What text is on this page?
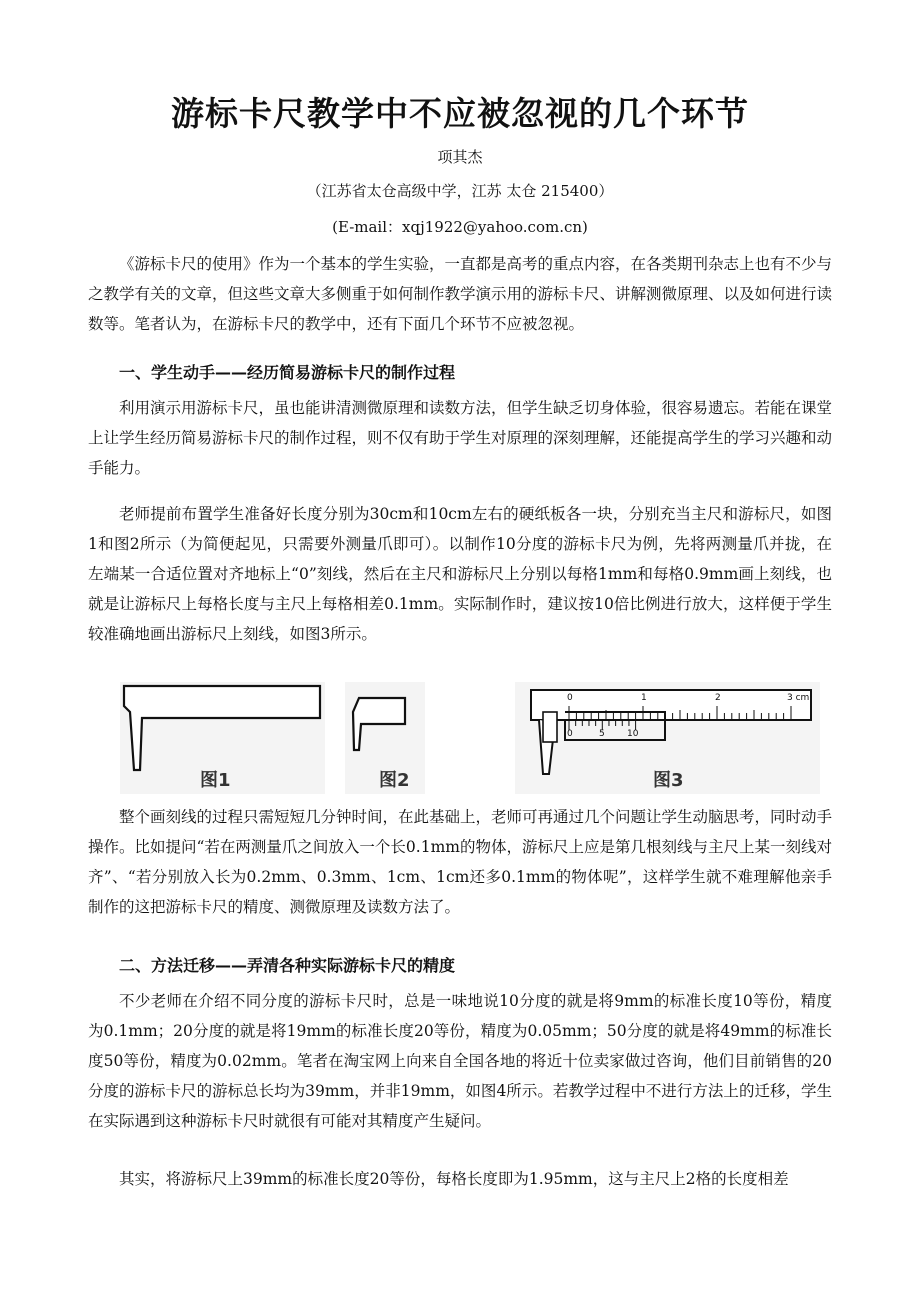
游标卡尺教学中不应被忽视的几个环节
项其杰
（江苏省太仓高级中学，江苏 太仓 215400）
(E-mail：xqj1922@yahoo.com.cn)

《游标卡尺的使用》作为一个基本的学生实验，一直都是高考的重点内容，在各类期刊杂志上也有不少与之教学有关的文章，但这些文章大多侧重于如何制作教学演示用的游标卡尺、讲解测微原理、以及如何进行读数等。笔者认为，在游标卡尺的教学中，还有下面几个环节不应被忽视。

一、学生动手——经历简易游标卡尺的制作过程

利用演示用游标卡尺，虽也能讲清测微原理和读数方法，但学生缺乏切身体验，很容易遗忘。若能在课堂上让学生经历简易游标卡尺的制作过程，则不仅有助于学生对原理的深刻理解，还能提高学生的学习兴趣和动手能力。

老师提前布置学生准备好长度分别为30cm和10cm左右的硬纸板各一块，分别充当主尺和游标尺，如图1和图2所示（为简便起见，只需要外测量爪即可）。以制作10分度的游标卡尺为例，先将两测量爪并拢，在左端某一合适位置对齐地标上“0”刻线，然后在主尺和游标尺上分别以每格1mm和每格0.9mm画上刻线，也就是让游标尺上每格长度与主尺上每格相差0.1mm。实际制作时，建议按10倍比例进行放大，这样便于学生较准确地画出游标尺上刻线，如图3所示。

图1	图2
0	1	2	3 cm
0	5 10
图3

整个画刻线的过程只需短短几分钟时间，在此基础上，老师可再通过几个问题让学生动脑思考，同时动手操作。比如提问“若在两测量爪之间放入一个长0.1mm的物体，游标尺上应是第几根刻线与主尺上某一刻线对齐”、“若分别放入长为0.2mm、0.3mm、1cm、1cm还多0.1mm的物体呢”，这样学生就不难理解他亲手制作的这把游标卡尺的精度、测微原理及读数方法了。

二、方法迁移——弄清各种实际游标卡尺的精度

不少老师在介绍不同分度的游标卡尺时，总是一味地说10分度的就是将9mm的标准长度10等份，精度为0.1mm；20分度的就是将19mm的标准长度20等份，精度为0.05mm；50分度的就是将49mm的标准长度50等份，精度为0.02mm。笔者在淘宝网上向来自全国各地的将近十位卖家做过咨询，他们目前销售的20分度的游标卡尺的游标总长均为39mm，并非19mm，如图4所示。若教学过程中不进行方法上的迁移，学生在实际遇到这种游标卡尺时就很有可能对其精度产生疑问。

其实，将游标尺上39mm的标准长度20等份，每格长度即为1.95mm，这与主尺上2格的长度相差
